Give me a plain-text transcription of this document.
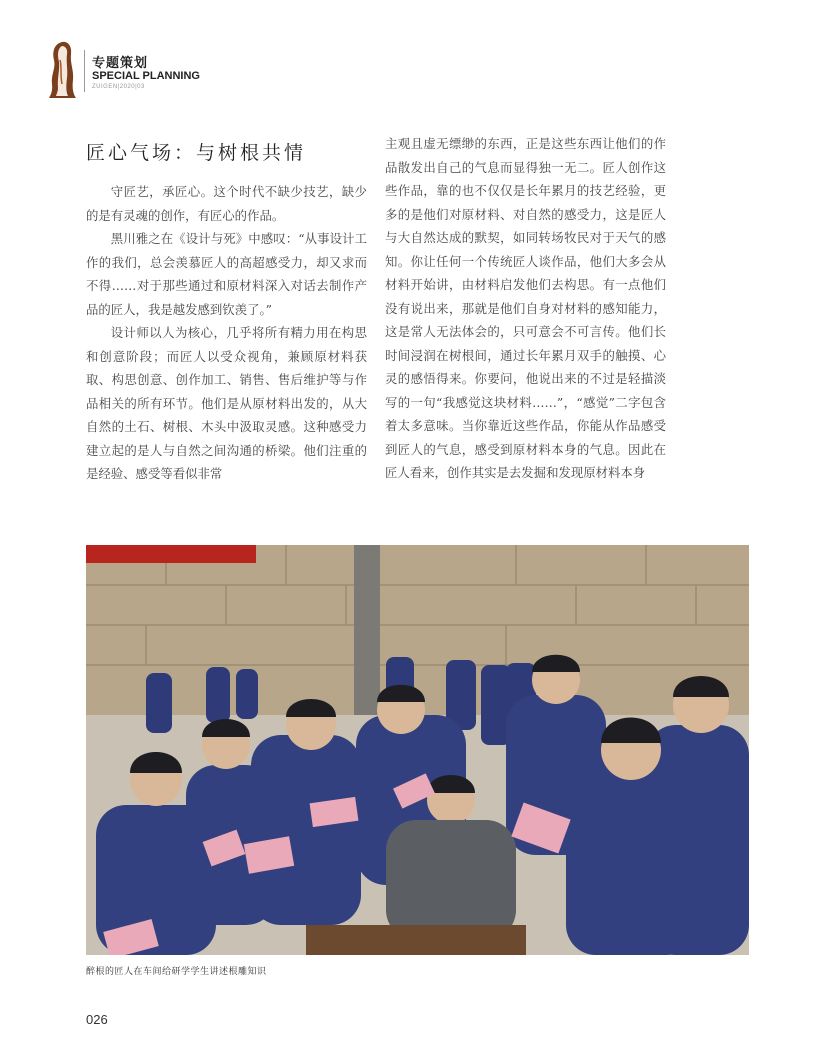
专题策划
SPECIAL PLANNING
ZUIGEN|2020|03
匠心气场：与树根共情

守匠艺，承匠心。这个时代不缺少技艺，缺少的是有灵魂的创作，有匠心的作品。

黑川雅之在《设计与死》中感叹：“从事设计工作的我们，总会羡慕匠人的高超感受力，却又求而不得……对于那些通过和原材料深入对话去制作产品的匠人，我是越发感到钦羡了。”

设计师以人为核心，几乎将所有精力用在构思和创意阶段；而匠人以受众视角，兼顾原材料获取、构思创意、创作加工、销售、售后维护等与作品相关的所有环节。他们是从原材料出发的，从大自然的土石、树根、木头中汲取灵感。这种感受力建立起的是人与自然之间沟通的桥梁。他们注重的是经验、感受等看似非常

主观且虚无缥缈的东西，正是这些东西让他们的作品散发出自己的气息而显得独一无二。匠人创作这些作品，靠的也不仅仅是长年累月的技艺经验，更多的是他们对原材料、对自然的感受力，这是匠人与大自然达成的默契，如同转场牧民对于天气的感知。你让任何一个传统匠人谈作品，他们大多会从材料开始讲，由材料启发他们去构思。有一点他们没有说出来，那就是他们自身对材料的感知能力，这是常人无法体会的，只可意会不可言传。他们长时间浸润在树根间，通过长年累月双手的触摸、心灵的感悟得来。你要问，他说出来的不过是轻描淡写的一句“我感觉这块材料……”，“感觉”二字包含着太多意味。当你靠近这些作品，你能从作品感受到匠人的气息，感受到原材料本身的气息。因此在匠人看来，创作其实是去发掘和发现原材料本身

醉根的匠人在车间给研学学生讲述根雕知识
026
